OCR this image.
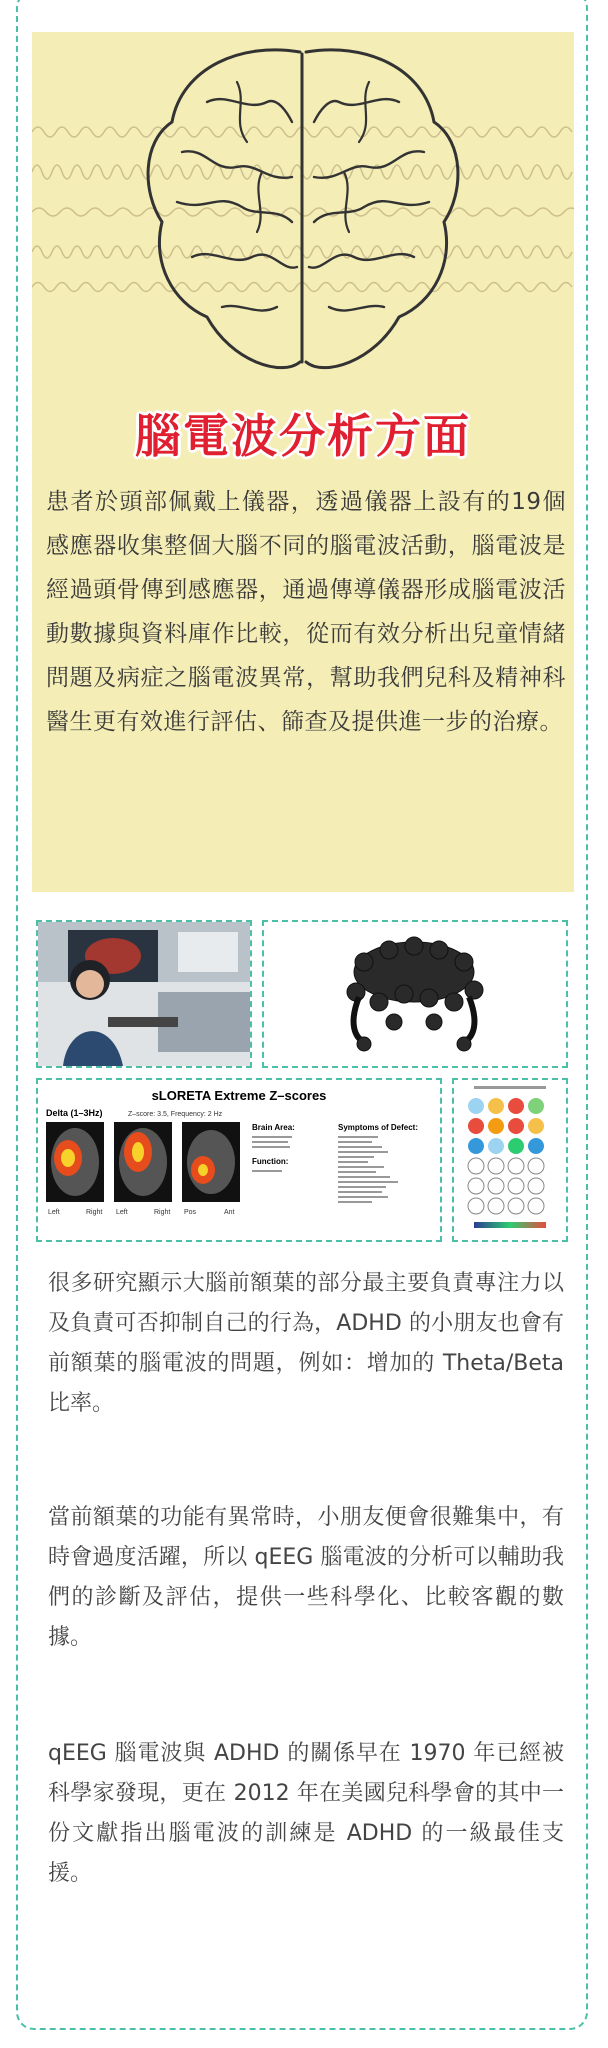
腦電波分析方面
患者於頭部佩戴上儀器，透過儀器上設有的19個感應器收集整個大腦不同的腦電波活動，腦電波是經過頭骨傳到感應器，通過傳導儀器形成腦電波活動數據與資料庫作比較，從而有效分析出兒童情緒問題及病症之腦電波異常，幫助我們兒科及精神科醫生更有效進行評估、篩查及提供進一步的治療。
sLORETA Extreme Z–scores
Delta (1–3Hz)	Z–score: 3.5, Frequency: 2 Hz
Left	Right Left	Right Pos	Ant
Brain Area:
Function:
Symptoms of Defect:
很多研究顯示大腦前額葉的部分最主要負責專注力以及負責可否抑制自己的行為，ADHD 的小朋友也會有前額葉的腦電波的問題，例如：增加的 Theta/Beta 比率。
當前額葉的功能有異常時，小朋友便會很難集中，有時會過度活躍，所以 qEEG 腦電波的分析可以輔助我們的診斷及評估，提供一些科學化、比較客觀的數據。
qEEG 腦電波與 ADHD 的關係早在 1970 年已經被科學家發現，更在 2012 年在美國兒科學會的其中一份文獻指出腦電波的訓練是 ADHD 的一級最佳支援。
